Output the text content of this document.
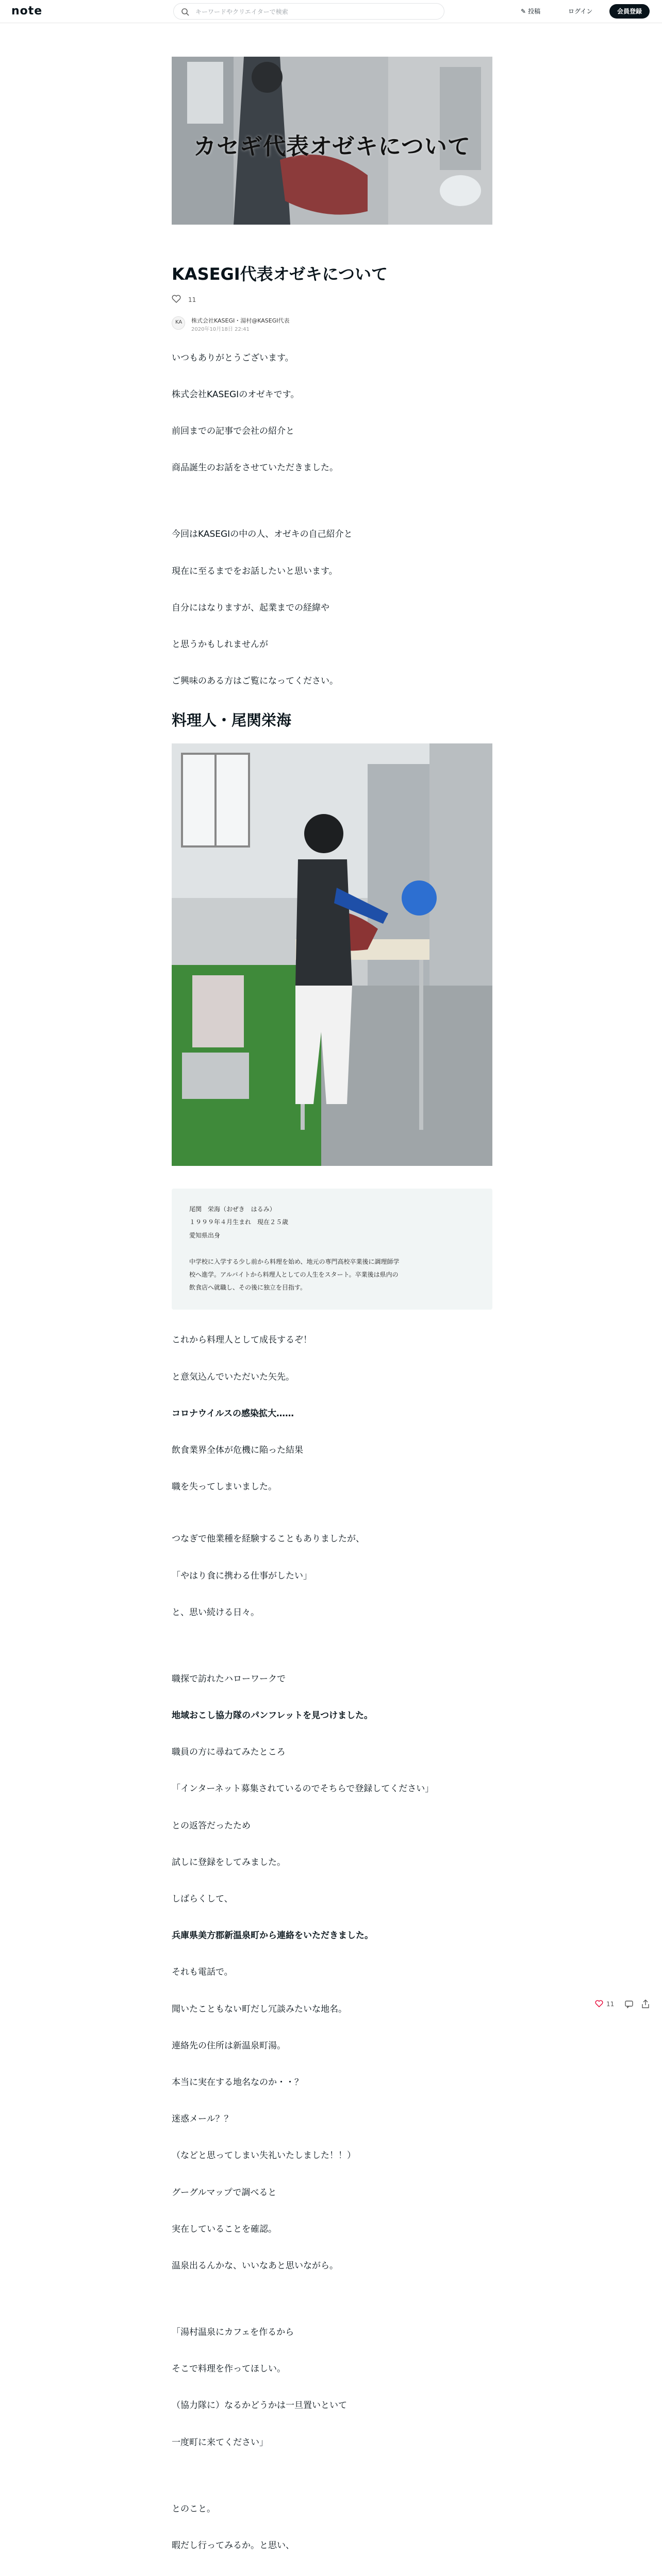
note
キーワードやクリエイターで検索	✎ 投稿	ログイン	会員登録
カセギ代表オゼキについて
KASEGI代表オゼキについて
11
KA 株式会社KASEGI・湯村@KASEGI代表
2020年10月18日 22:41

いつもありがとうございます。

株式会社KASEGIのオゼキです。

前回までの記事で会社の紹介と

商品誕生のお話をさせていただきました。

今回はKASEGIの中の人、オゼキの自己紹介と

現在に至るまでをお話したいと思います。

自分にはなりますが、起業までの経緯や

と思うかもしれませんが

ご興味のある方はご覧になってください。

料理人・尾関栄海

尾関　栄海（おぜき　はるみ）

１９９９年４月生まれ　現在２５歳

愛知県出身

中学校に入学する少し前から料理を始め、地元の専門高校卒業後に調理師学

校へ進学。アルバイトから料理人としての人生をスタート。卒業後は県内の

飲食店へ就職し、その後に独立を目指す。

これから料理人として成長するぞ！

と意気込んでいただいた矢先。

コロナウイルスの感染拡大……

飲食業界全体が危機に陥った結果

職を失ってしまいました。

つなぎで他業種を経験することもありましたが、

「やはり食に携わる仕事がしたい」

と、思い続ける日々。

職探で訪れたハローワークで

地域おこし協力隊のパンフレットを見つけました。

職員の方に尋ねてみたところ

「インターネット募集されているのでそちらで登録してください」

との返答だったため

試しに登録をしてみました。

しばらくして、

兵庫県美方郡新温泉町から連絡をいただきました。

それも電話で。

聞いたこともない町だし冗談みたいな地名。

連絡先の住所は新温泉町湯。

本当に実在する地名なのか・・？

迷惑メール？？

（などと思ってしまい失礼いたしました！！）

グーグルマップで調べると

実在していることを確認。

温泉出るんかな、いいなあと思いながら。

「湯村温泉にカフェを作るから

そこで料理を作ってほしい。

（協力隊に）なるかどうかは一旦置いといて

一度町に来てください」

とのこと。

暇だし行ってみるか。と思い、

11
